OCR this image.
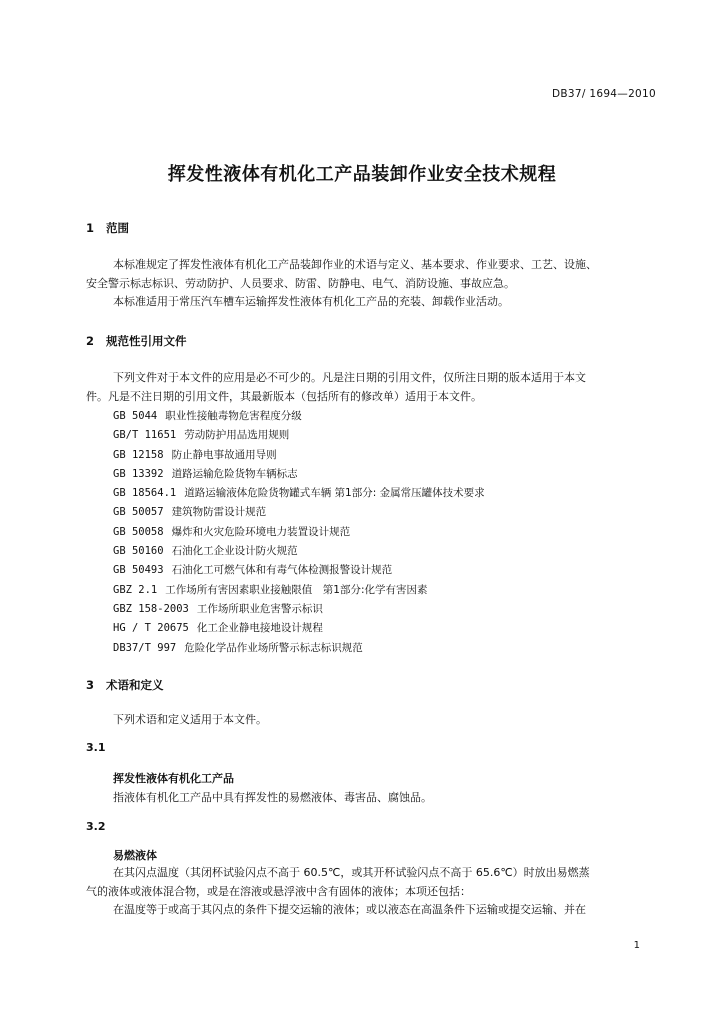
DB37/ 1694—2010
挥发性液体有机化工产品装卸作业安全技术规程
1 范围
本标准规定了挥发性液体有机化工产品装卸作业的术语与定义、基本要求、作业要求、工艺、设施、
安全警示标志标识、劳动防护、人员要求、防雷、防静电、电气、消防设施、事故应急。
本标准适用于常压汽车槽车运输挥发性液体有机化工产品的充装、卸载作业活动。
2 规范性引用文件
下列文件对于本文件的应用是必不可少的。凡是注日期的引用文件，仅所注日期的版本适用于本文
件。凡是不注日期的引用文件，其最新版本（包括所有的修改单）适用于本文件。
GB 5044 职业性接触毒物危害程度分级
GB/T 11651 劳动防护用品选用规则
GB 12158 防止静电事故通用导则
GB 13392 道路运输危险货物车辆标志
GB 18564.1 道路运输液体危险货物罐式车辆 第1部分: 金属常压罐体技术要求
GB 50057 建筑物防雷设计规范
GB 50058 爆炸和火灾危险环境电力装置设计规范
GB 50160 石油化工企业设计防火规范
GB 50493 石油化工可燃气体和有毒气体检测报警设计规范
GBZ 2.1 工作场所有害因素职业接触限值　第1部分:化学有害因素
GBZ 158-2003 工作场所职业危害警示标识
HG / T 20675 化工企业静电接地设计规程
DB37/T 997 危险化学品作业场所警示标志标识规范
3 术语和定义
下列术语和定义适用于本文件。
3.1
挥发性液体有机化工产品
指液体有机化工产品中具有挥发性的易燃液体、毒害品、腐蚀品。
3.2
易燃液体
在其闪点温度（其闭杯试验闪点不高于 60.5℃，或其开杯试验闪点不高于 65.6℃）时放出易燃蒸
气的液体或液体混合物，或是在溶液或悬浮液中含有固体的液体；本项还包括：
在温度等于或高于其闪点的条件下提交运输的液体；或以液态在高温条件下运输或提交运输、并在
1
